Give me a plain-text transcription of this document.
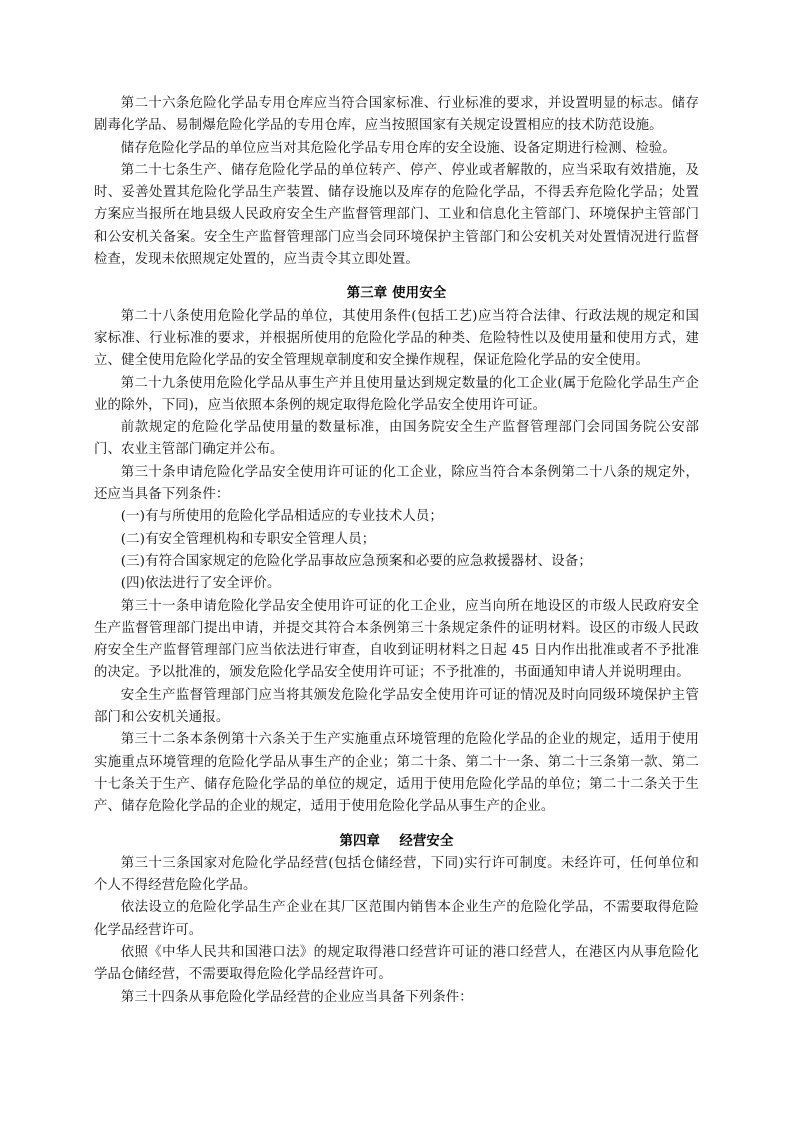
第二十六条危险化学品专用仓库应当符合国家标准、行业标准的要求，并设置明显的标志。储存剧毒化学品、易制爆危险化学品的专用仓库，应当按照国家有关规定设置相应的技术防范设施。

储存危险化学品的单位应当对其危险化学品专用仓库的安全设施、设备定期进行检测、检验。

第二十七条生产、储存危险化学品的单位转产、停产、停业或者解散的，应当采取有效措施，及时、妥善处置其危险化学品生产装置、储存设施以及库存的危险化学品，不得丢弃危险化学品；处置方案应当报所在地县级人民政府安全生产监督管理部门、工业和信息化主管部门、环境保护主管部门和公安机关备案。安全生产监督管理部门应当会同环境保护主管部门和公安机关对处置情况进行监督检查，发现未依照规定处置的，应当责令其立即处置。

第三章 使用安全

第二十八条使用危险化学品的单位，其使用条件(包括工艺)应当符合法律、行政法规的规定和国家标准、行业标准的要求，并根据所使用的危险化学品的种类、危险特性以及使用量和使用方式，建立、健全使用危险化学品的安全管理规章制度和安全操作规程，保证危险化学品的安全使用。

第二十九条使用危险化学品从事生产并且使用量达到规定数量的化工企业(属于危险化学品生产企业的除外，下同)，应当依照本条例的规定取得危险化学品安全使用许可证。

前款规定的危险化学品使用量的数量标准，由国务院安全生产监督管理部门会同国务院公安部门、农业主管部门确定并公布。

第三十条申请危险化学品安全使用许可证的化工企业，除应当符合本条例第二十八条的规定外，还应当具备下列条件：

(一)有与所使用的危险化学品相适应的专业技术人员；

(二)有安全管理机构和专职安全管理人员；

(三)有符合国家规定的危险化学品事故应急预案和必要的应急救援器材、设备；

(四)依法进行了安全评价。

第三十一条申请危险化学品安全使用许可证的化工企业，应当向所在地设区的市级人民政府安全生产监督管理部门提出申请，并提交其符合本条例第三十条规定条件的证明材料。设区的市级人民政府安全生产监督管理部门应当依法进行审查，自收到证明材料之日起 45 日内作出批准或者不予批准的决定。予以批准的，颁发危险化学品安全使用许可证；不予批准的，书面通知申请人并说明理由。

安全生产监督管理部门应当将其颁发危险化学品安全使用许可证的情况及时向同级环境保护主管部门和公安机关通报。

第三十二条本条例第十六条关于生产实施重点环境管理的危险化学品的企业的规定，适用于使用实施重点环境管理的危险化学品从事生产的企业；第二十条、第二十一条、第二十三条第一款、第二十七条关于生产、储存危险化学品的单位的规定，适用于使用危险化学品的单位；第二十二条关于生产、储存危险化学品的企业的规定，适用于使用危险化学品从事生产的企业。

第四章    经营安全

第三十三条国家对危险化学品经营(包括仓储经营，下同)实行许可制度。未经许可，任何单位和个人不得经营危险化学品。

依法设立的危险化学品生产企业在其厂区范围内销售本企业生产的危险化学品，不需要取得危险化学品经营许可。

依照《中华人民共和国港口法》的规定取得港口经营许可证的港口经营人，在港区内从事危险化学品仓储经营，不需要取得危险化学品经营许可。

第三十四条从事危险化学品经营的企业应当具备下列条件：
